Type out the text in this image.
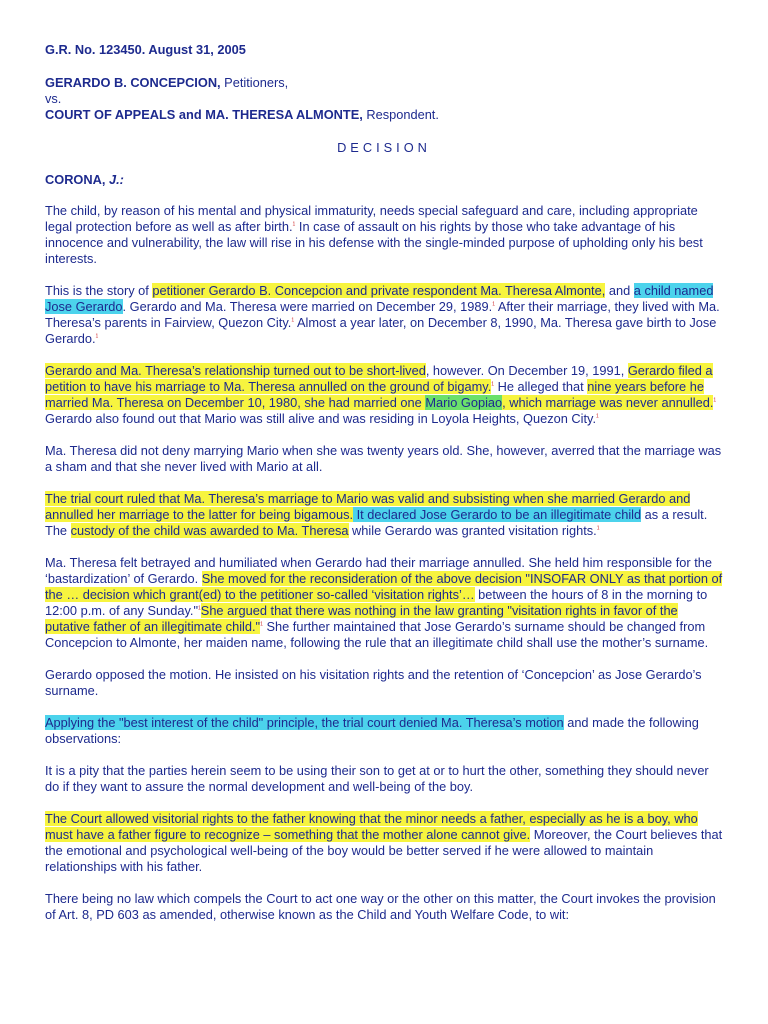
G.R. No. 123450. August 31, 2005
GERARDO B. CONCEPCION, Petitioners,
vs.
COURT OF APPEALS and MA. THERESA ALMONTE, Respondent.
DECISION
CORONA, J.:

The child, by reason of his mental and physical immaturity, needs special safeguard and care, including appropriate legal protection before as well as after birth.$^1$ In case of assault on his rights by those who take advantage of his innocence and vulnerability, the law will rise in his defense with the single-minded purpose of upholding only his best interests.

This is the story of petitioner Gerardo B. Concepcion and private respondent Ma. Theresa Almonte, and a child named Jose Gerardo. Gerardo and Ma. Theresa were married on December 29, 1989.$^1$ After their marriage, they lived with Ma. Theresa’s parents in Fairview, Quezon City.$^1$ Almost a year later, on December 8, 1990, Ma. Theresa gave birth to Jose Gerardo.$^1$

Gerardo and Ma. Theresa’s relationship turned out to be short-lived, however. On December 19, 1991, Gerardo filed a petition to have his marriage to Ma. Theresa annulled on the ground of bigamy.$^1$ He alleged that nine years before he married Ma. Theresa on December 10, 1980, she had married one Mario Gopiao, which marriage was never annulled.$^1$ Gerardo also found out that Mario was still alive and was residing in Loyola Heights, Quezon City.$^1$

Ma. Theresa did not deny marrying Mario when she was twenty years old. She, however, averred that the marriage was a sham and that she never lived with Mario at all.

The trial court ruled that Ma. Theresa’s marriage to Mario was valid and subsisting when she married Gerardo and annulled her marriage to the latter for being bigamous. It declared Jose Gerardo to be an illegitimate child as a result. The custody of the child was awarded to Ma. Theresa while Gerardo was granted visitation rights.$^1$

Ma. Theresa felt betrayed and humiliated when Gerardo had their marriage annulled. She held him responsible for the ‘bastardization’ of Gerardo. She moved for the reconsideration of the above decision "INSOFAR ONLY as that portion of the … decision which grant(ed) to the petitioner so-called ‘visitation rights’… between the hours of 8 in the morning to 12:00 p.m. of any Sunday."$^1$She argued that there was nothing in the law granting "visitation rights in favor of the putative father of an illegitimate child."$^1$ She further maintained that Jose Gerardo’s surname should be changed from Concepcion to Almonte, her maiden name, following the rule that an illegitimate child shall use the mother’s surname.

Gerardo opposed the motion. He insisted on his visitation rights and the retention of ‘Concepcion’ as Jose Gerardo’s surname.

Applying the "best interest of the child" principle, the trial court denied Ma. Theresa’s motion and made the following observations:

It is a pity that the parties herein seem to be using their son to get at or to hurt the other, something they should never do if they want to assure the normal development and well-being of the boy.

The Court allowed visitorial rights to the father knowing that the minor needs a father, especially as he is a boy, who must have a father figure to recognize – something that the mother alone cannot give. Moreover, the Court believes that the emotional and psychological well-being of the boy would be better served if he were allowed to maintain relationships with his father.

There being no law which compels the Court to act one way or the other on this matter, the Court invokes the provision of Art. 8, PD 603 as amended, otherwise known as the Child and Youth Welfare Code, to wit:
